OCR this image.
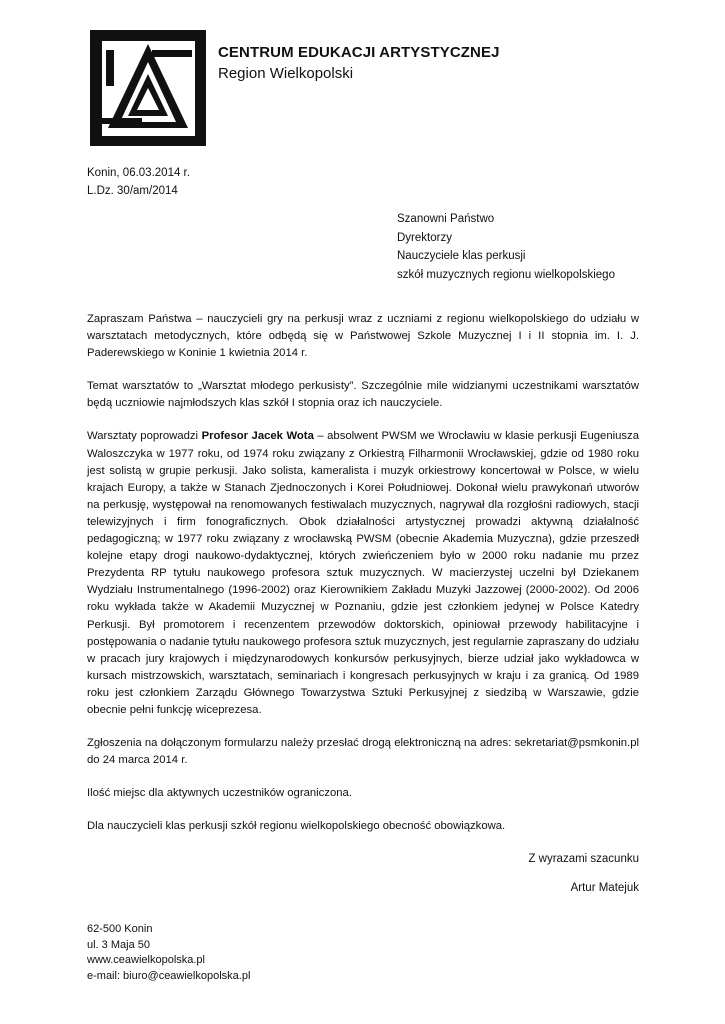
CENTRUM EDUKACJI ARTYSTYCZNEJ
Region Wielkopolski
Konin, 06.03.2014 r.
L.Dz. 30/am/2014
Szanowni Państwo
Dyrektorzy
Nauczyciele klas perkusji
szkół muzycznych regionu wielkopolskiego

Zapraszam Państwa – nauczycieli gry na perkusji wraz z uczniami z regionu wielkopolskiego do udziału w warsztatach metodycznych, które odbędą się w Państwowej Szkole Muzycznej I i II stopnia im. I. J. Paderewskiego w Koninie 1 kwietnia 2014 r.

Temat warsztatów to „Warsztat młodego perkusisty”. Szczególnie mile widzianymi uczestnikami warsztatów będą uczniowie najmłodszych klas szkół I stopnia oraz ich nauczyciele.

Warsztaty poprowadzi Profesor Jacek Wota – absolwent PWSM we Wrocławiu w klasie perkusji Eugeniusza Waloszczyka w 1977 roku, od 1974 roku związany z Orkiestrą Filharmonii Wrocławskiej, gdzie od 1980 roku jest solistą w grupie perkusji. Jako solista, kameralista i muzyk orkiestrowy koncertował w Polsce, w wielu krajach Europy, a także w Stanach Zjednoczonych i Korei Południowej. Dokonał wielu prawykonań utworów na perkusję, występował na renomowanych festiwalach muzycznych, nagrywał dla rozgłośni radiowych, stacji telewizyjnych i firm fonograficznych. Obok działalności artystycznej prowadzi aktywną działalność pedagogiczną; w 1977 roku związany z wrocławską PWSM (obecnie Akademia Muzyczna), gdzie przeszedł kolejne etapy drogi naukowo-dydaktycznej, których zwieńczeniem było w 2000 roku nadanie mu przez Prezydenta RP tytułu naukowego profesora sztuk muzycznych. W macierzystej uczelni był Dziekanem Wydziału Instrumentalnego (1996-2002) oraz Kierownikiem Zakładu Muzyki Jazzowej (2000-2002). Od 2006 roku wykłada także w Akademii Muzycznej w Poznaniu, gdzie jest członkiem jedynej w Polsce Katedry Perkusji. Był promotorem i recenzentem przewodów doktorskich, opiniował przewody habilitacyjne i postępowania o nadanie tytułu naukowego profesora sztuk muzycznych, jest regularnie zapraszany do udziału w pracach jury krajowych i międzynarodowych konkursów perkusyjnych, bierze udział jako wykładowca w kursach mistrzowskich, warsztatach, seminariach i kongresach perkusyjnych w kraju i za granicą. Od 1989 roku jest członkiem Zarządu Głównego Towarzystwa Sztuki Perkusyjnej z siedzibą w Warszawie, gdzie obecnie pełni funkcję wiceprezesa.

Zgłoszenia na dołączonym formularzu należy przesłać drogą elektroniczną na adres: sekretariat@psmkonin.pl do 24 marca 2014 r.

Ilość miejsc dla aktywnych uczestników ograniczona.

Dla nauczycieli klas perkusji szkół regionu wielkopolskiego obecność obowiązkowa.

Z wyrazami szacunku
Artur Matejuk
62-500 Konin
ul. 3 Maja 50
www.ceawielkopolska.pl
e-mail: biuro@ceawielkopolska.pl
